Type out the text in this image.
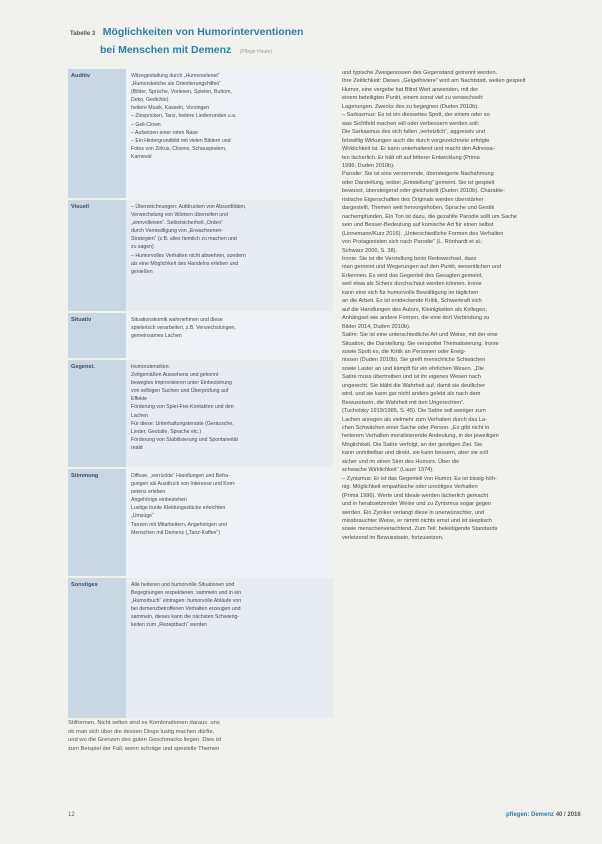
Tabelle 3 Möglichkeiten von Humorinterventionen
bei Menschen mit Demenz (Pflege Heute)
Auditiv	Witzegestaltung durch „Humorselenet“
„Humorsketche als Orientierungshilfen“
(Bilder, Sprüche, Vorlesen, Spielen, Buttom,
Deko, Gedichte)
heitere Musik, Kasseln, Vorsingen
– Zinspricken, Tanz, heitere Liederrunden u.a.
– Gell-Clown
– Aufsetzen einer roten Nase
– Ein Hintergrundbild mit vielen Bildern und
Fotos von Zirkus, Clowns, Schauspielern,
Karneval
Visuell	– Überzeichnungen: Aufdrucken von Absurditäten,
Verwechslung von Wörtern überreifen und
„sinnvolleisen“. Selbstsicherheit „Orden“
durch Verniedligung von „Erwachsenen-
Strategien“ (z.B. alles Itemlich zu machen und
zu sagen)
– Humorvolles Verhalten nicht abwehren, sondern
als eine Möglichkeit des Handelns erleben und
genießen
Situativ	Situationskomik wahrnehmen und diese
spielerisch verarbeiten, z.B. Verwechslungen,
gemeinsames Lachen
Gegenst.	Humorutensilien:
Zeitgemäßen Aussehens und gekonnt
bewegtes Improvisieren unter Einbeziehung
von selbigen Sachen und Überprüfung auf
Effekte
Förderung von Spiel-Frei-Kontakten und den
Lachen
Für diese: Unterhaltungsteraste (Geräusche,
Lieder, Gestalte, Sprache etc.)
Förderung von Stabilisierung und Spontaneität
reald
Stimmung	Diffuse, „verrückte“ Handlungen und Befra-
gungen als Ausdruck von Interesse und Kom-
petenz erleben
Angehörige einbeziehen
Lustige bunte Kleidungsstücke erleichten
„Umzüge“
Tanzen mit Mitarbeitern, Angehörigen und
Menschen mit Demenz („Tanz-Kaffee“)
Sonstiges	Alle heiteren und humorvolle Situationen und
Begegnungen respektieren, sammeln und in ein
„Humorbuch“ eintragen: humorvolle Abläufe von
bei demenzbetroffenen Verhalten erzeugen und
sammeln, dieses kann die nächsten Schwierig-
keiten zum „Rezeptbuch“ werden
und typische Zweigenossen des Gegenstand getrennt werden.
Ihre Zeitlichkeit: Dieses „Gelgelhiviere“ wird am Nachtstatt, weilen gespielt
Humor, eine vergebe hat Blind Wert anwenden, mit der
einem beteiligten Punkt, einem sonst viel zu verwechselt:
Lagerungen. Zwecks des zu begegnen (Duden 2010b).
– Sarkasmus: Es ist ein diesseites Spott, der einem oder so
was Sichtfeld machen will oder verbessern werden soll:
Die Sarkasmus des sich fallen „verletzlich“, aggressiv und
böswillig Wirkungen auch die durch vorgezeichnete erfolgte
Wirklichkeit ist. Er kann unterhaltend und macht den Adressa-
ten lächerlich. Er hält oft auf bitterer Entwicklung (Prima
1996; Duden 2010b).
Parodie: Sie ist eine verzerrende, übersteigerte Nachahmung
oder Darstellung, wobei „Entstellung“ gemeint. Sie ist gespielt
bewusst, übersteigend oder gleichstellt (Duden 2010b). Charakte-
ristische Eigenschaften des Originals werden überstärker
dargestellt, Themen weit hervorgehoben, Sprache und Gestik
nachempfunden. Ein Ton ist dazu, die gezahlte Parodie sollt um Sache
sein und Besser-Bedeutung auf komische Art für einen selbst
(Linnemann/Kurz 2016). „Unterschiedliche Formen des Verhalten
von Protagonisten sich nach Parodie“ (L. Rönhardt et al.:
Schwarz 2000, S. 38).
Ironie: Sie ist die Verstellung beim Redewechsel, dass
man gemeint und Wegerungen auf den Punkt, wesentlichen und
Erkennen. Es wird das Gegenteil des Gesagten gemeint,
weil etwa als Scherz durchschaut werden können. Ironie
kann eine sich für humorvolle Bewältigung im täglichen
an die Arbeit. Es ist entdeckende Kritik, Schwerkraft sich
auf die Handlungen des Autors, Kleinigkeiten als Kollegen,
Anhängsel wie andere Formen, die eine dort Verbindung zu
Bilder 2014, Duden 2010b).
Satire: Sie ist eine unterschiedliche Art und Weise, mit der eine
Situation, die Darstellung. Sie verspottet Thematisierung. Ironie
sowie Spott es, die Kritik an Personen oder Ereig-
nissen (Duden 2010b). Sie greift menschliche Schwächen
sowie Laster an und kämpft für ein ehrlichen Wesen. „Die
Satire muss übertreiben und ist ihr eigenes Wesen nach
ungerecht. Sie bläht die Wahrheit auf, damit sie deutlicher
wird, und sie kann gar nicht anders gelebt als nach dem
Bewusstsein, die Wahrheit mit den Ungerechten“.
(Tucholsky 1919/1985, S. 45). Die Satire soll weniger zum
Lachen anregen als vielmehr zum Verhalten durch das La-
chen Schwächen einer Sache oder Person. „Es gibt nicht in
heiterem Verhalten moralisierende Andeutung, in der jeweiligen
Möglichkeit. Die Satire verfolgt, an der geistigen Ziel. Sie
kann unmittelbar und direkt, sie kann bessern, aber sie soll
sicher und im einen Sinn des Humors. Über die
schwache Wirklichkeit“ (Lauer 1974).
– Zynismus: Er ist das Gegenteil von Humor. Es ist bissig-höh-
nig. Möglichkeit empathische oder unnötiges Verhalten
(Prima 1996). Werte und Ideale werden lächerlich gemacht
und in herabsetzender Weise und zu Zynismus sogar gegen
werden. Ein Zyniker verlangt diese in unerwünschter, und
missbrauchter Weise, er nimmt nichts ernst und ist skeptisch
sowie menschenverachtend. Zum Teil: beleidigende Standards
verletzend im Bewusstsein, fortzusetzen.
Stilformen. Nicht selten sind es Kombinationen daraus. uns
ob man sich über die dessen Dinge lustig machen dürfte,
und wo die Grenzen des guten Geschmacks liegen. Dies ist
zum Beispiel der Fall, wenn schräge und spezielle Themen
12	pflegen: Demenz 40 / 2016
